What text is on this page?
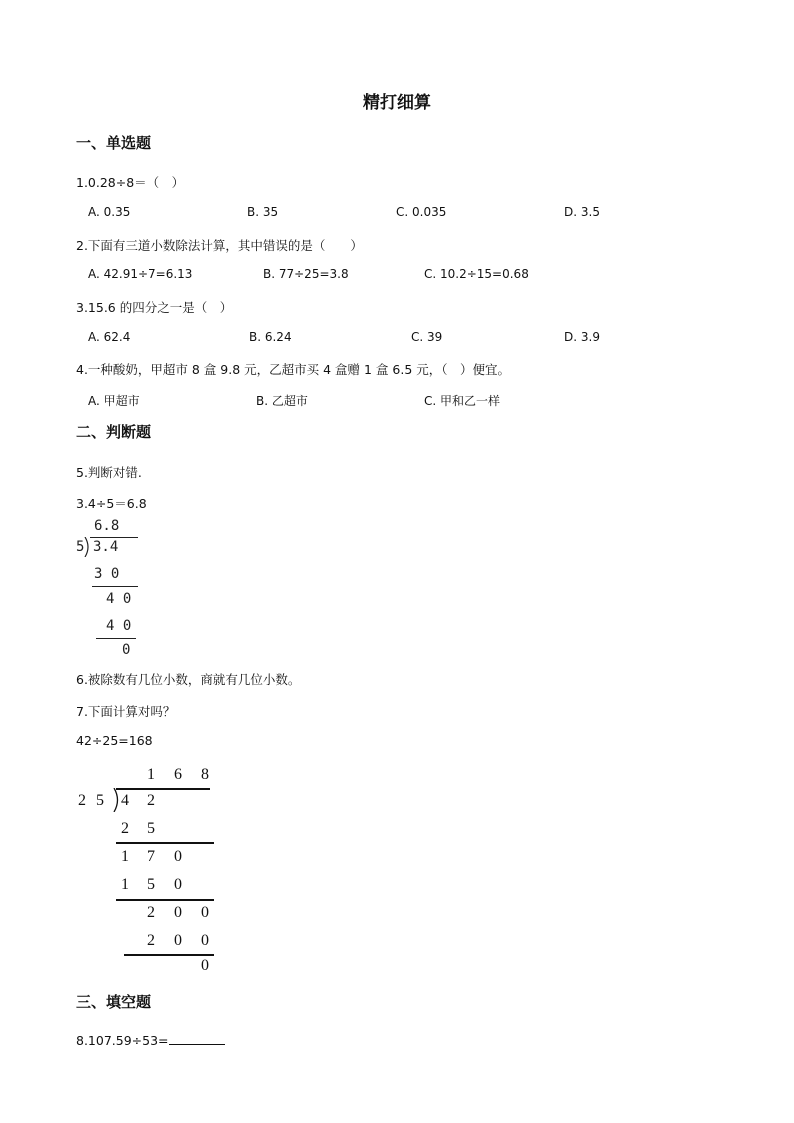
精打细算
一、单选题
1.0.28÷8＝（　）
A. 0.35	B. 35	C. 0.035	D. 3.5
2.下面有三道小数除法计算，其中错误的是（　　）
A. 42.91÷7=6.13	B. 77÷25=3.8	C. 10.2÷15=0.68
3.15.6 的四分之一是（　）
A. 62.4	B. 6.24	C. 39	D. 3.9
4.一种酸奶，甲超市 8 盒 9.8 元，乙超市买 4 盒赠 1 盒 6.5 元，（　）便宜。
A. 甲超市	B. 乙超市	C. 甲和乙一样
二、判断题
5.判断对错.
3.4÷5＝6.8
6.8
5 3.4
3 0
4 0
4 0
0
6.被除数有几位小数，商就有几位小数。
7.下面计算对吗？
42÷25=168
1 6 8
2 5 4 2
2 5
1 7 0
1 5 0
2 0 0
2 0 0
0
三、填空题
8.107.59÷53=
